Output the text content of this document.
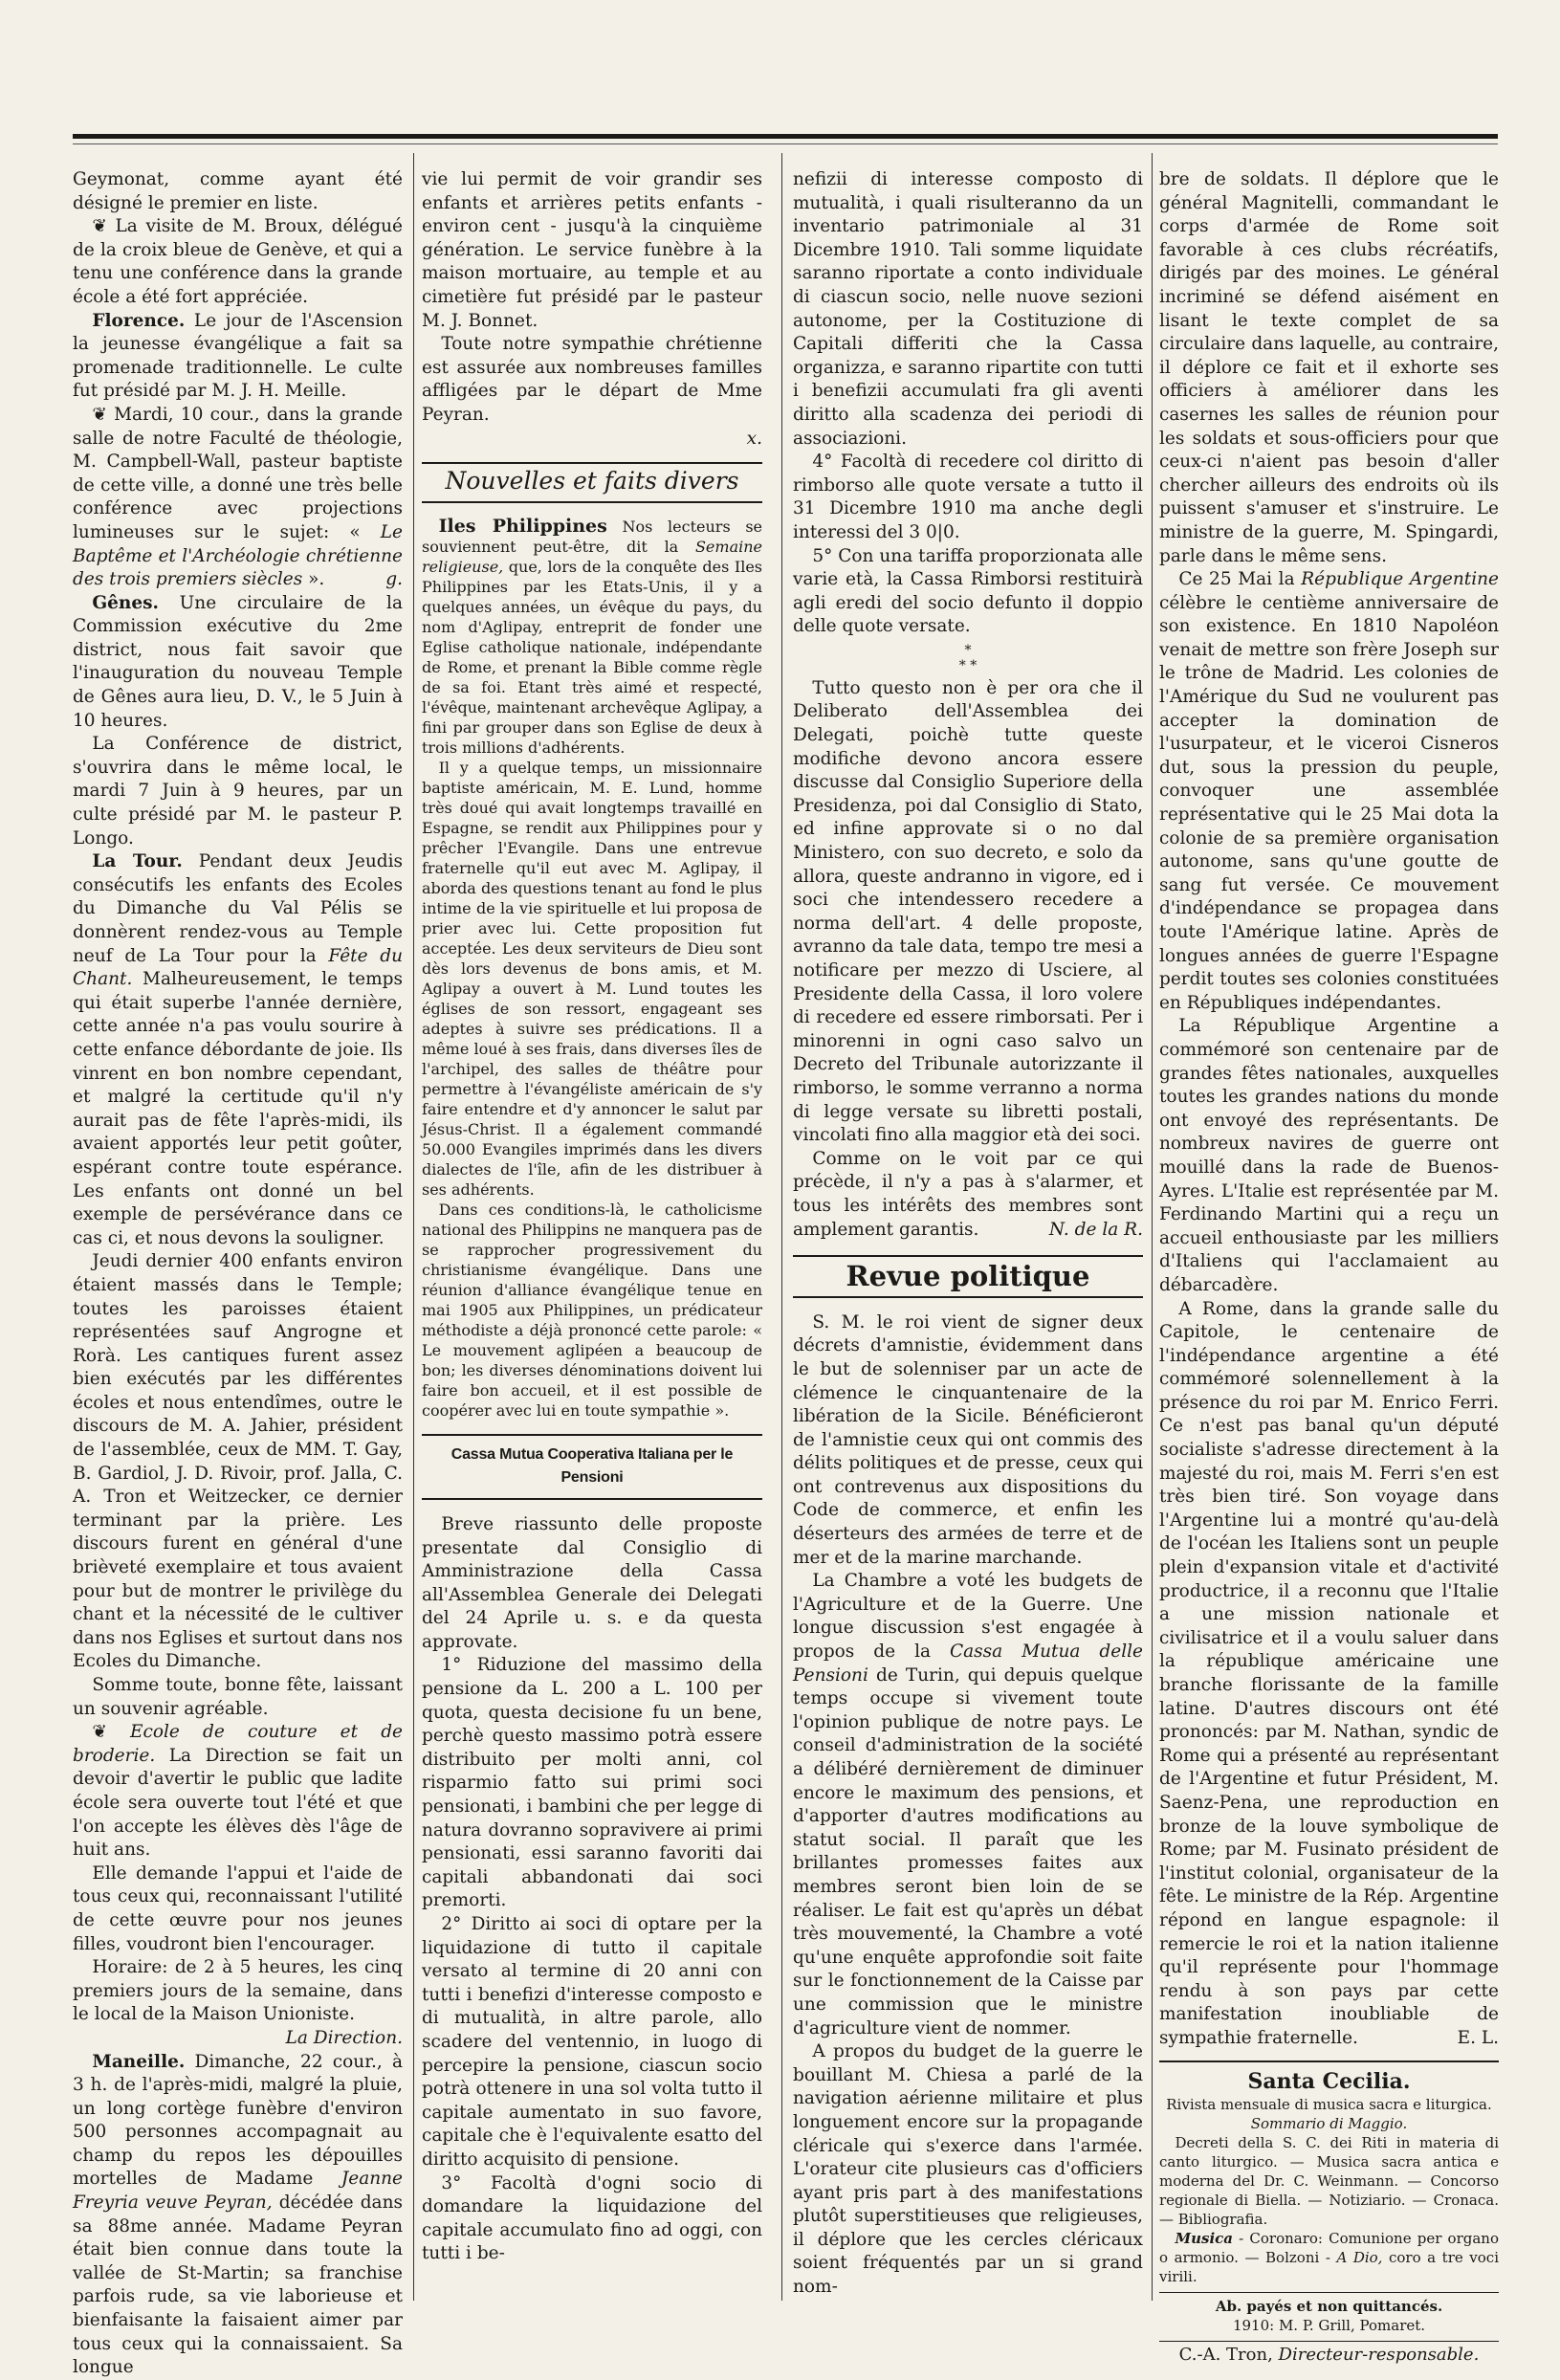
Geymonat, comme ayant été désigné le premier en liste.

❦ La visite de M. Broux, délégué de la croix bleue de Genève, et qui a tenu une conférence dans la grande école a été fort appréciée.

Florence. Le jour de l'Ascension la jeunesse évangélique a fait sa promenade traditionnelle. Le culte fut présidé par M. J. H. Meille.

❦ Mardi, 10 cour., dans la grande salle de notre Faculté de théologie, M. Campbell-Wall, pasteur baptiste de cette ville, a donné une très belle conférence avec projections lumineuses sur le sujet: « Le Baptême et l'Archéologie chrétienne des trois premiers siècles ».	g.

Gênes. Une circulaire de la Commission exécutive du 2me district, nous fait savoir que l'inauguration du nouveau Temple de Gênes aura lieu, D. V., le 5 Juin à 10 heures.

La Conférence de district, s'ouvrira dans le même local, le mardi 7 Juin à 9 heures, par un culte présidé par M. le pasteur P. Longo.

La Tour. Pendant deux Jeudis consécutifs les enfants des Ecoles du Dimanche du Val Pélis se donnèrent rendez-vous au Temple neuf de La Tour pour la Fête du Chant. Malheureusement, le temps qui était superbe l'année dernière, cette année n'a pas voulu sourire à cette enfance débordante de joie. Ils vinrent en bon nombre cependant, et malgré la certitude qu'il n'y aurait pas de fête l'après-midi, ils avaient apportés leur petit goûter, espérant contre toute espérance. Les enfants ont donné un bel exemple de persévérance dans ce cas ci, et nous devons la souligner.

Jeudi dernier 400 enfants environ étaient massés dans le Temple; toutes les paroisses étaient représentées sauf Angrogne et Rorà. Les cantiques furent assez bien exécutés par les différentes écoles et nous entendîmes, outre le discours de M. A. Jahier, président de l'assemblée, ceux de MM. T. Gay, B. Gardiol, J. D. Rivoir, prof. Jalla, C. A. Tron et Weitzecker, ce dernier terminant par la prière. Les discours furent en général d'une brièveté exemplaire et tous avaient pour but de montrer le privilège du chant et la nécessité de le cultiver dans nos Eglises et surtout dans nos Ecoles du Dimanche.

Somme toute, bonne fête, laissant un souvenir agréable.

❦ Ecole de couture et de broderie. La Direction se fait un devoir d'avertir le public que ladite école sera ouverte tout l'été et que l'on accepte les élèves dès l'âge de huit ans.

Elle demande l'appui et l'aide de tous ceux qui, reconnaissant l'utilité de cette œuvre pour nos jeunes filles, voudront bien l'encourager.

Horaire: de 2 à 5 heures, les cinq premiers jours de la semaine, dans le local de la Maison Unioniste.

La Direction.

Maneille. Dimanche, 22 cour., à 3 h. de l'après-midi, malgré la pluie, un long cortège funèbre d'environ 500 personnes accompagnait au champ du repos les dépouilles mortelles de Madame Jeanne Freyria veuve Peyran, décédée dans sa 88me année. Madame Peyran était bien connue dans toute la vallée de St-Martin; sa franchise parfois rude, sa vie laborieuse et bienfaisante la faisaient aimer par tous ceux qui la connaissaient. Sa longue

vie lui permit de voir grandir ses enfants et arrières petits enfants - environ cent - jusqu'à la cinquième génération. Le service funèbre à la maison mortuaire, au temple et au cimetière fut présidé par le pasteur M. J. Bonnet.

Toute notre sympathie chrétienne est assurée aux nombreuses familles affligées par le départ de Mme Peyran.

x.

Nouvelles et faits divers

Iles Philippines Nos lecteurs se souviennent peut-être, dit la Semaine religieuse, que, lors de la conquête des Iles Philippines par les Etats-Unis, il y a quelques années, un évêque du pays, du nom d'Aglipay, entreprit de fonder une Eglise catholique nationale, indépendante de Rome, et prenant la Bible comme règle de sa foi. Etant très aimé et respecté, l'évêque, maintenant archevêque Aglipay, a fini par grouper dans son Eglise de deux à trois millions d'adhérents.

Il y a quelque temps, un missionnaire baptiste américain, M. E. Lund, homme très doué qui avait longtemps travaillé en Espagne, se rendit aux Philippines pour y prêcher l'Evangile. Dans une entrevue fraternelle qu'il eut avec M. Aglipay, il aborda des questions tenant au fond le plus intime de la vie spirituelle et lui proposa de prier avec lui. Cette proposition fut acceptée. Les deux serviteurs de Dieu sont dès lors devenus de bons amis, et M. Aglipay a ouvert à M. Lund toutes les églises de son ressort, engageant ses adeptes à suivre ses prédications. Il a même loué à ses frais, dans diverses îles de l'archipel, des salles de théâtre pour permettre à l'évangéliste américain de s'y faire entendre et d'y annoncer le salut par Jésus-Christ. Il a également commandé 50.000 Evangiles imprimés dans les divers dialectes de l'île, afin de les distribuer à ses adhérents.

Dans ces conditions-là, le catholicisme national des Philippins ne manquera pas de se rapprocher progressivement du christianisme évangélique. Dans une réunion d'alliance évangélique tenue en mai 1905 aux Philippines, un prédicateur méthodiste a déjà prononcé cette parole: « Le mouvement aglipéen a beaucoup de bon; les diverses dénominations doivent lui faire bon accueil, et il est possible de coopérer avec lui en toute sympathie ».

Cassa Mutua Cooperativa Italiana per le Pensioni

Breve riassunto delle proposte presentate dal Consiglio di Amministrazione della Cassa all'Assemblea Generale dei Delegati del 24 Aprile u. s. e da questa approvate.

1° Riduzione del massimo della pensione da L. 200 a L. 100 per quota, questa decisione fu un bene, perchè questo massimo potrà essere distribuito per molti anni, col risparmio fatto sui primi soci pensionati, i bambini che per legge di natura dovranno sopravivere ai primi pensionati, essi saranno favoriti dai capitali abbandonati dai soci premorti.

2° Diritto ai soci di optare per la liquidazione di tutto il capitale versato al termine di 20 anni con tutti i benefizi d'interesse composto e di mutualità, in altre parole, allo scadere del ventennio, in luogo di percepire la pensione, ciascun socio potrà ottenere in una sol volta tutto il capitale aumentato in suo favore, capitale che è l'equivalente esatto del diritto acquisito di pensione.

3° Facoltà d'ogni socio di domandare la liquidazione del capitale accumulato fino ad oggi, con tutti i be-

nefizii di interesse composto di mutualità, i quali risulteranno da un inventario patrimoniale al 31 Dicembre 1910. Tali somme liquidate saranno riportate a conto individuale di ciascun socio, nelle nuove sezioni autonome, per la Costituzione di Capitali differiti che la Cassa organizza, e saranno ripartite con tutti i benefizii accumulati fra gli aventi diritto alla scadenza dei periodi di associazioni.

4° Facoltà di recedere col diritto di rimborso alle quote versate a tutto il 31 Dicembre 1910 ma anche degli interessi del 3 0|0.

5° Con una tariffa proporzionata alle varie età, la Cassa Rimborsi restituirà agli eredi del socio defunto il doppio delle quote versate.

*
* *

Tutto questo non è per ora che il Deliberato dell'Assemblea dei Delegati, poichè tutte queste modifiche devono ancora essere discusse dal Consiglio Superiore della Presidenza, poi dal Consiglio di Stato, ed infine approvate si o no dal Ministero, con suo decreto, e solo da allora, queste andranno in vigore, ed i soci che intendessero recedere a norma dell'art. 4 delle proposte, avranno da tale data, tempo tre mesi a notificare per mezzo di Usciere, al Presidente della Cassa, il loro volere di recedere ed essere rimborsati. Per i minorenni in ogni caso salvo un Decreto del Tribunale autorizzante il rimborso, le somme verranno a norma di legge versate su libretti postali, vincolati fino alla maggior età dei soci.

Comme on le voit par ce qui précède, il n'y a pas à s'alarmer, et tous les intérêts des membres sont amplement garantis.	N. de la R.

Revue politique

S. M. le roi vient de signer deux décrets d'amnistie, évidemment dans le but de solenniser par un acte de clémence le cinquantenaire de la libération de la Sicile. Bénéficieront de l'amnistie ceux qui ont commis des délits politiques et de presse, ceux qui ont contrevenus aux dispositions du Code de commerce, et enfin les déserteurs des armées de terre et de mer et de la marine marchande.

La Chambre a voté les budgets de l'Agriculture et de la Guerre. Une longue discussion s'est engagée à propos de la Cassa Mutua delle Pensioni de Turin, qui depuis quelque temps occupe si vivement toute l'opinion publique de notre pays. Le conseil d'administration de la société a délibéré dernièrement de diminuer encore le maximum des pensions, et d'apporter d'autres modifications au statut social. Il paraît que les brillantes promesses faites aux membres seront bien loin de se réaliser. Le fait est qu'après un débat très mouvementé, la Chambre a voté qu'une enquête approfondie soit faite sur le fonctionnement de la Caisse par une commission que le ministre d'agriculture vient de nommer.

A propos du budget de la guerre le bouillant M. Chiesa a parlé de la navigation aérienne militaire et plus longuement encore sur la propagande cléricale qui s'exerce dans l'armée. L'orateur cite plusieurs cas d'officiers ayant pris part à des manifestations plutôt superstitieuses que religieuses, il déplore que les cercles cléricaux soient fréquentés par un si grand nom-

bre de soldats. Il déplore que le général Magnitelli, commandant le corps d'armée de Rome soit favorable à ces clubs récréatifs, dirigés par des moines. Le général incriminé se défend aisément en lisant le texte complet de sa circulaire dans laquelle, au contraire, il déplore ce fait et il exhorte ses officiers à améliorer dans les casernes les salles de réunion pour les soldats et sous-officiers pour que ceux-ci n'aient pas besoin d'aller chercher ailleurs des endroits où ils puissent s'amuser et s'instruire. Le ministre de la guerre, M. Spingardi, parle dans le même sens.

Ce 25 Mai la République Argentine célèbre le centième anniversaire de son existence. En 1810 Napoléon venait de mettre son frère Joseph sur le trône de Madrid. Les colonies de l'Amérique du Sud ne voulurent pas accepter la domination de l'usurpateur, et le viceroi Cisneros dut, sous la pression du peuple, convoquer une assemblée représentative qui le 25 Mai dota la colonie de sa première organisation autonome, sans qu'une goutte de sang fut versée. Ce mouvement d'indépendance se propagea dans toute l'Amérique latine. Après de longues années de guerre l'Espagne perdit toutes ses colonies constituées en Républiques indépendantes.

La République Argentine a commémoré son centenaire par de grandes fêtes nationales, auxquelles toutes les grandes nations du monde ont envoyé des représentants. De nombreux navires de guerre ont mouillé dans la rade de Buenos-Ayres. L'Italie est représentée par M. Ferdinando Martini qui a reçu un accueil enthousiaste par les milliers d'Italiens qui l'acclamaient au débarcadère.

A Rome, dans la grande salle du Capitole, le centenaire de l'indépendance argentine a été commémoré solennellement à la présence du roi par M. Enrico Ferri. Ce n'est pas banal qu'un député socialiste s'adresse directement à la majesté du roi, mais M. Ferri s'en est très bien tiré. Son voyage dans l'Argentine lui a montré qu'au-delà de l'océan les Italiens sont un peuple plein d'expansion vitale et d'activité productrice, il a reconnu que l'Italie a une mission nationale et civilisatrice et il a voulu saluer dans la république américaine une branche florissante de la famille latine. D'autres discours ont été prononcés: par M. Nathan, syndic de Rome qui a présenté au représentant de l'Argentine et futur Président, M. Saenz-Pena, une reproduction en bronze de la louve symbolique de Rome; par M. Fusinato président de l'institut colonial, organisateur de la fête. Le ministre de la Rép. Argentine répond en langue espagnole: il remercie le roi et la nation italienne qu'il représente pour l'hommage rendu à son pays par cette manifestation inoubliable de sympathie fraternelle.	E. L.

Santa Cecilia.
Rivista mensuale di musica sacra e liturgica.
Sommario di Maggio.

Decreti della S. C. dei Riti in materia di canto liturgico. — Musica sacra antica e moderna del Dr. C. Weinmann. — Concorso regionale di Biella. — Notiziario. — Cronaca. — Bibliografia.

Musica - Coronaro: Comunione per organo o armonio. — Bolzoni - A Dio, coro a tre voci virili.

Ab. payés et non quittancés.
1910: M. P. Grill, Pomaret.
C.-A. Tron, Directeur-responsable.
